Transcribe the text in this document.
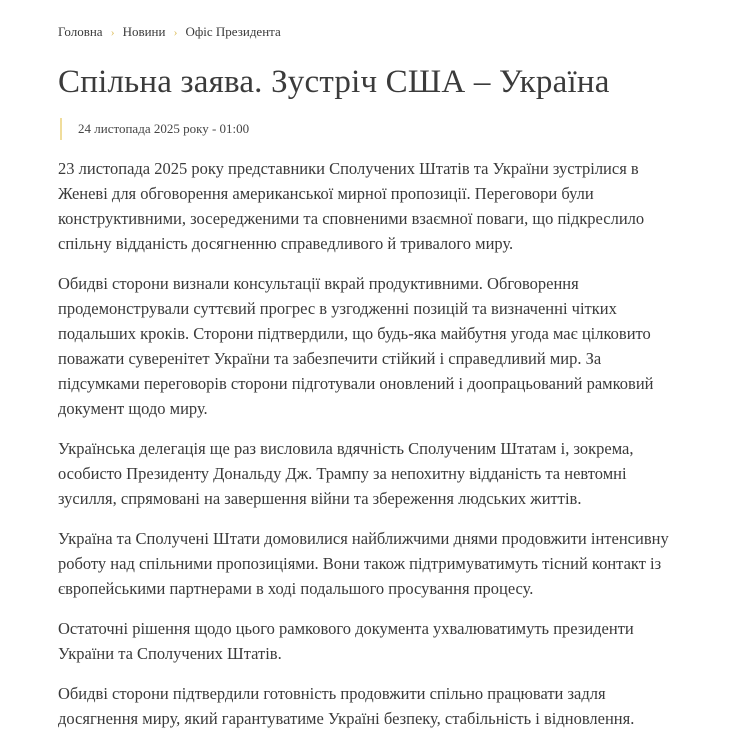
Головна › Новини › Офіс Президента
Спільна заява. Зустріч США – Україна
24 листопада 2025 року - 01:00

23 листопада 2025 року представники Сполучених Штатів та України зустрілися в
Женеві для обговорення американської мирної пропозиції. Переговори були
конструктивними, зосередженими та сповненими взаємної поваги, що підкреслило
спільну відданість досягненню справедливого й тривалого миру.

Обидві сторони визнали консультації вкрай продуктивними. Обговорення
продемонстрували суттєвий прогрес в узгодженні позицій та визначенні чітких
подальших кроків. Сторони підтвердили, що будь-яка майбутня угода має цілковито
поважати суверенітет України та забезпечити стійкий і справедливий мир. За
підсумками переговорів сторони підготували оновлений і доопрацьований рамковий
документ щодо миру.

Українська делегація ще раз висловила вдячність Сполученим Штатам і, зокрема,
особисто Президенту Дональду Дж. Трампу за непохитну відданість та невтомні
зусилля, спрямовані на завершення війни та збереження людських життів.

Україна та Сполучені Штати домовилися найближчими днями продовжити інтенсивну
роботу над спільними пропозиціями. Вони також підтримуватимуть тісний контакт із
європейськими партнерами в ході подальшого просування процесу.

Остаточні рішення щодо цього рамкового документа ухвалюватимуть президенти
України та Сполучених Штатів.

Обидві сторони підтвердили готовність продовжити спільно працювати задля
досягнення миру, який гарантуватиме Україні безпеку, стабільність і відновлення.
